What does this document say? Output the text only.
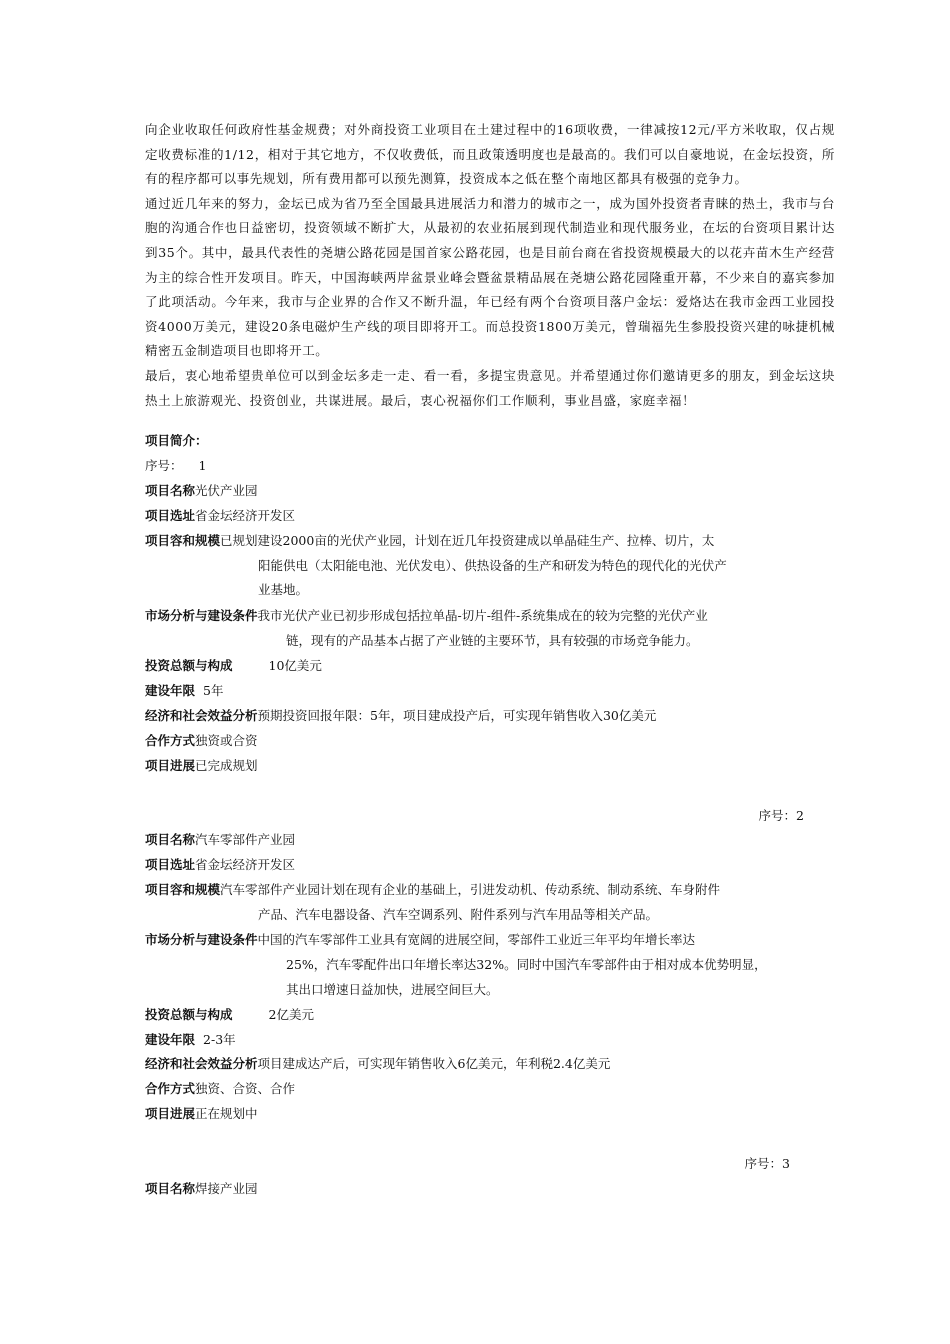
向企业收取任何政府性基金规费；对外商投资工业项目在土建过程中的16项收费，一律减按12元/平方米收取，仅占规定收费标准的1/12，相对于其它地方，不仅收费低，而且政策透明度也是最高的。我们可以自豪地说，在金坛投资，所有的程序都可以事先规划，所有费用都可以预先测算，投资成本之低在整个南地区都具有极强的竞争力。

通过近几年来的努力，金坛已成为省乃至全国最具进展活力和潜力的城市之一，成为国外投资者青睐的热土，我市与台胞的沟通合作也日益密切，投资领域不断扩大，从最初的农业拓展到现代制造业和现代服务业，在坛的台资项目累计达到35个。其中，最具代表性的尧塘公路花园是国首家公路花园，也是目前台商在省投资规模最大的以花卉苗木生产经营为主的综合性开发项目。昨天，中国海峡两岸盆景业峰会暨盆景精品展在尧塘公路花园隆重开幕，不少来自的嘉宾参加了此项活动。今年来，我市与企业界的合作又不断升温，年已经有两个台资项目落户金坛：爱烙达在我市金西工业园投资4000万美元，建设20条电磁炉生产线的项目即将开工。而总投资1800万美元，曾瑞福先生参股投资兴建的咏捷机械精密五金制造项目也即将开工。

最后，衷心地希望贵单位可以到金坛多走一走、看一看，多提宝贵意见。并希望通过你们邀请更多的朋友，到金坛这块热土上旅游观光、投资创业，共谋进展。最后，衷心祝福你们工作顺利，事业昌盛，家庭幸福！

项目简介：
序号： 1
项目名称光伏产业园
项目选址省金坛经济开发区
项目容和规模已规划建设2000亩的光伏产业园，计划在近几年投资建成以单晶硅生产、拉棒、切片，太
阳能供电（太阳能电池、光伏发电）、供热设备的生产和研发为特色的现代化的光伏产
业基地。
市场分析与建设条件我市光伏产业已初步形成包括拉单晶-切片-组件-系统集成在的较为完整的光伏产业
链，现有的产品基本占据了产业链的主要环节，具有较强的市场竞争能力。
投资总额与构成	10亿美元
建设年限 5年
经济和社会效益分析预期投资回报年限：5年，项目建成投产后，可实现年销售收入30亿美元
合作方式独资或合资
项目进展已完成规划
序号：2
项目名称汽车零部件产业园
项目选址省金坛经济开发区
项目容和规模汽车零部件产业园计划在现有企业的基础上，引进发动机、传动系统、制动系统、车身附件
产品、汽车电器设备、汽车空调系列、附件系列与汽车用品等相关产品。
市场分析与建设条件中国的汽车零部件工业具有宽阔的进展空间，零部件工业近三年平均年增长率达
25%，汽车零配件出口年增长率达32%。同时中国汽车零部件由于相对成本优势明显，
其出口增速日益加快，进展空间巨大。
投资总额与构成	2亿美元
建设年限 2-3年
经济和社会效益分析项目建成达产后，可实现年销售收入6亿美元，年利税2.4亿美元
合作方式独资、合资、合作
项目进展正在规划中
序号：3
项目名称焊接产业园
